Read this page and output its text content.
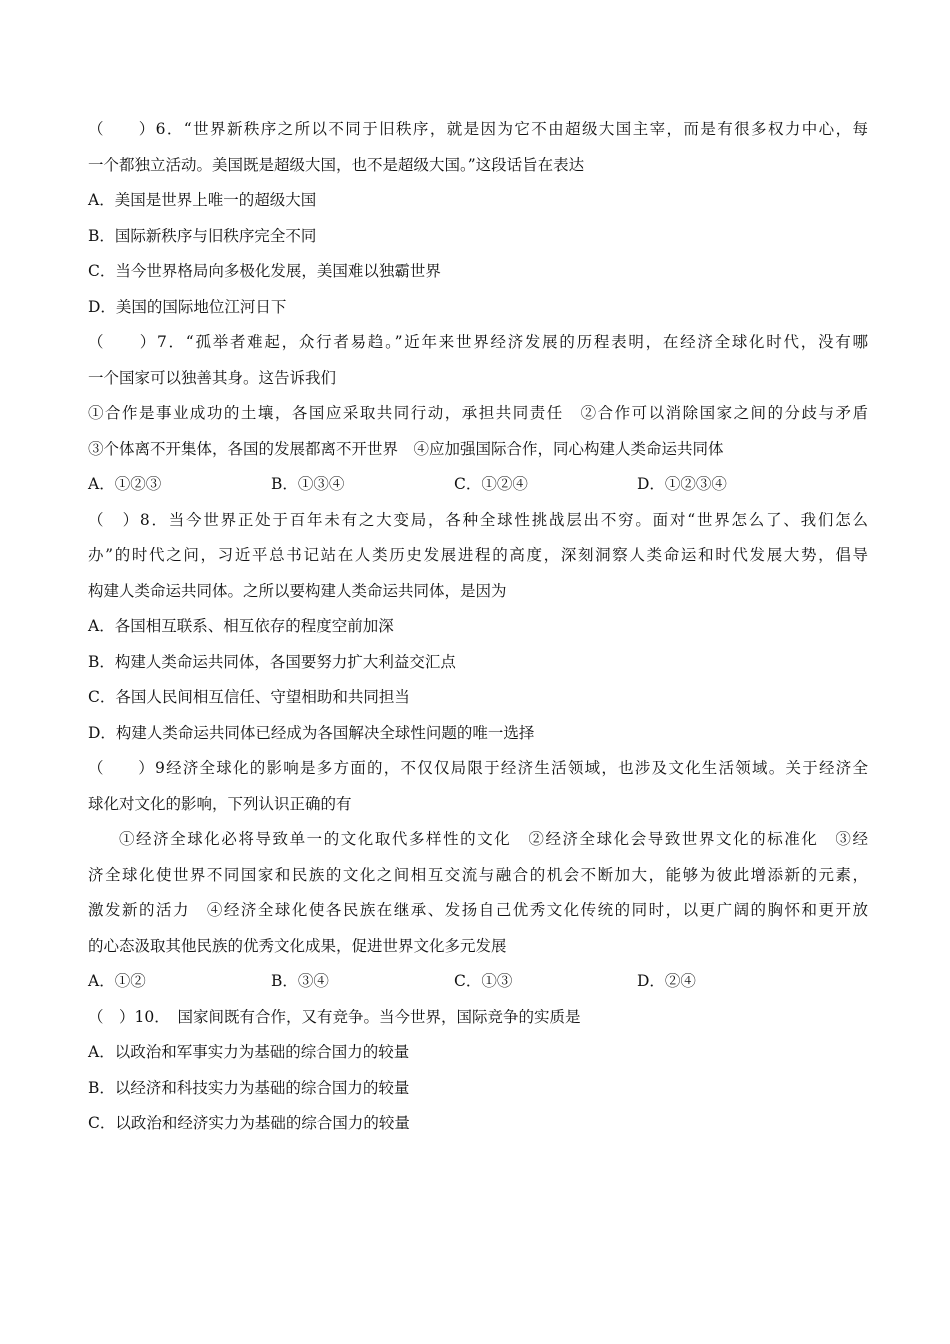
（　　）6．“世界新秩序之所以不同于旧秩序，就是因为它不由超级大国主宰，而是有很多权力中心，每
一个都独立活动。美国既是超级大国，也不是超级大国。”这段话旨在表达
A．美国是世界上唯一的超级大国
B．国际新秩序与旧秩序完全不同
C．当今世界格局向多极化发展，美国难以独霸世界
D．美国的国际地位江河日下
（　　）7．“孤举者难起，众行者易趋。”近年来世界经济发展的历程表明，在经济全球化时代，没有哪
一个国家可以独善其身。这告诉我们
①合作是事业成功的土壤，各国应采取共同行动，承担共同责任　②合作可以消除国家之间的分歧与矛盾
③个体离不开集体，各国的发展都离不开世界　④应加强国际合作，同心构建人类命运共同体
A．①②③	B．①③④	C．①②④	D．①②③④
（　）8．当今世界正处于百年未有之大变局，各种全球性挑战层出不穷。面对“世界怎么了、我们怎么
办”的时代之问，习近平总书记站在人类历史发展进程的高度，深刻洞察人类命运和时代发展大势，倡导
构建人类命运共同体。之所以要构建人类命运共同体，是因为
A．各国相互联系、相互依存的程度空前加深
B．构建人类命运共同体，各国要努力扩大利益交汇点
C．各国人民间相互信任、守望相助和共同担当
D．构建人类命运共同体已经成为各国解决全球性问题的唯一选择
（　　）9经济全球化的影响是多方面的，不仅仅局限于经济生活领域，也涉及文化生活领域。关于经济全
球化对文化的影响，下列认识正确的有
①经济全球化必将导致单一的文化取代多样性的文化　②经济全球化会导致世界文化的标准化　③经
济全球化使世界不同国家和民族的文化之间相互交流与融合的机会不断加大，能够为彼此增添新的元素，
激发新的活力　④经济全球化使各民族在继承、发扬自己优秀文化传统的同时，以更广阔的胸怀和更开放
的心态汲取其他民族的优秀文化成果，促进世界文化多元发展
A．①②	B．③④	C．①③	D．②④
（　）10．　国家间既有合作，又有竞争。当今世界，国际竞争的实质是
A．以政治和军事实力为基础的综合国力的较量
B．以经济和科技实力为基础的综合国力的较量
C．以政治和经济实力为基础的综合国力的较量
